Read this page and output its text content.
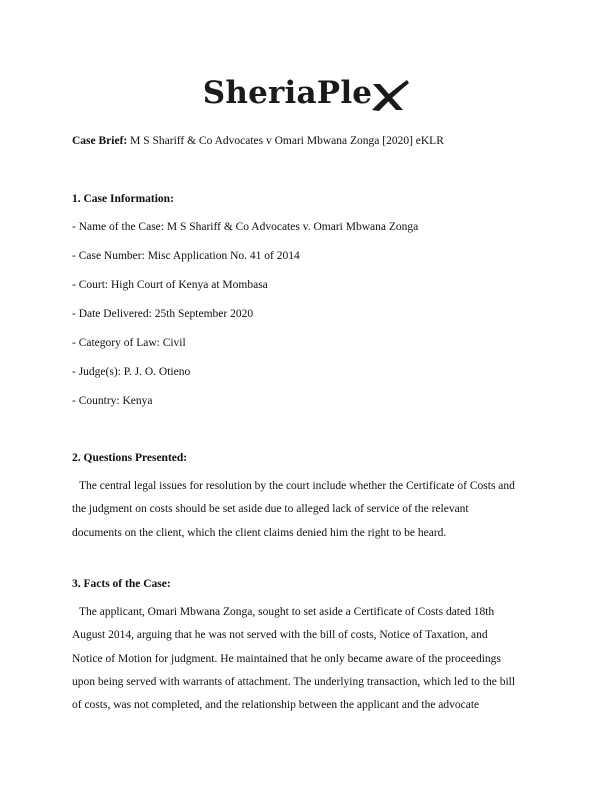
SheriaPle
Case Brief: M S Shariff & Co Advocates v Omari Mbwana Zonga [2020] eKLR
1. Case Information:
- Name of the Case: M S Shariff & Co Advocates v. Omari Mbwana Zonga
- Case Number: Misc Application No. 41 of 2014
- Court: High Court of Kenya at Mombasa
- Date Delivered: 25th September 2020
- Category of Law: Civil
- Judge(s): P. J. O. Otieno
- Country: Kenya
2. Questions Presented:
The central legal issues for resolution by the court include whether the Certificate of Costs and
the judgment on costs should be set aside due to alleged lack of service of the relevant
documents on the client, which the client claims denied him the right to be heard.
3. Facts of the Case:
The applicant, Omari Mbwana Zonga, sought to set aside a Certificate of Costs dated 18th
August 2014, arguing that he was not served with the bill of costs, Notice of Taxation, and
Notice of Motion for judgment. He maintained that he only became aware of the proceedings
upon being served with warrants of attachment. The underlying transaction, which led to the bill
of costs, was not completed, and the relationship between the applicant and the advocate
